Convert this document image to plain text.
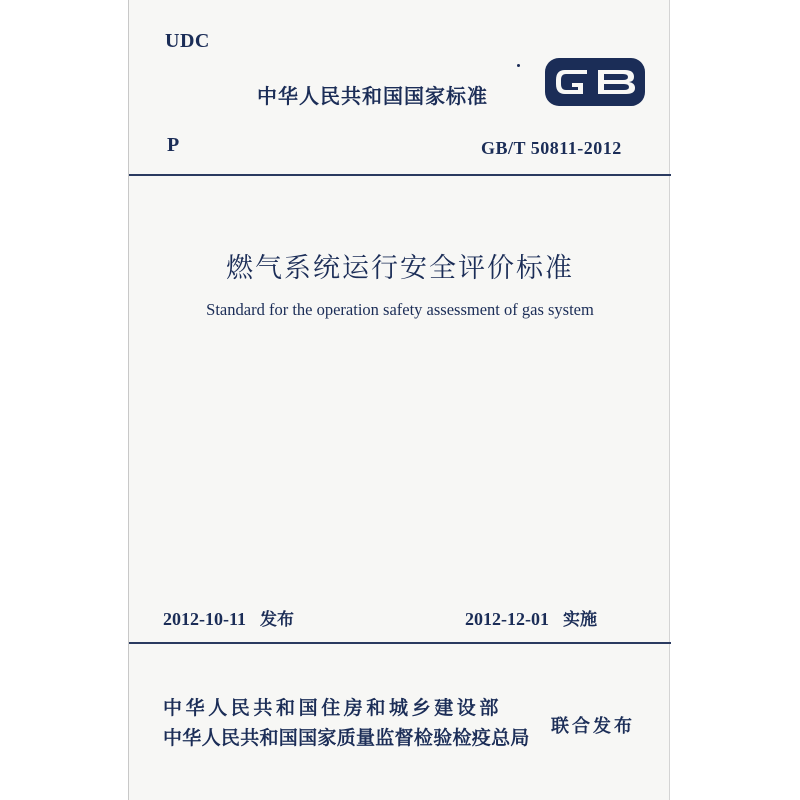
UDC
中华人民共和国国家标准
P	GB/T 50811-2012
燃气系统运行安全评价标准
Standard for the operation safety assessment of gas system
2012-10-11 发布	2012-12-01 实施
中华人民共和国住房和城乡建设部
中华人民共和国国家质量监督检验检疫总局
联合发布
